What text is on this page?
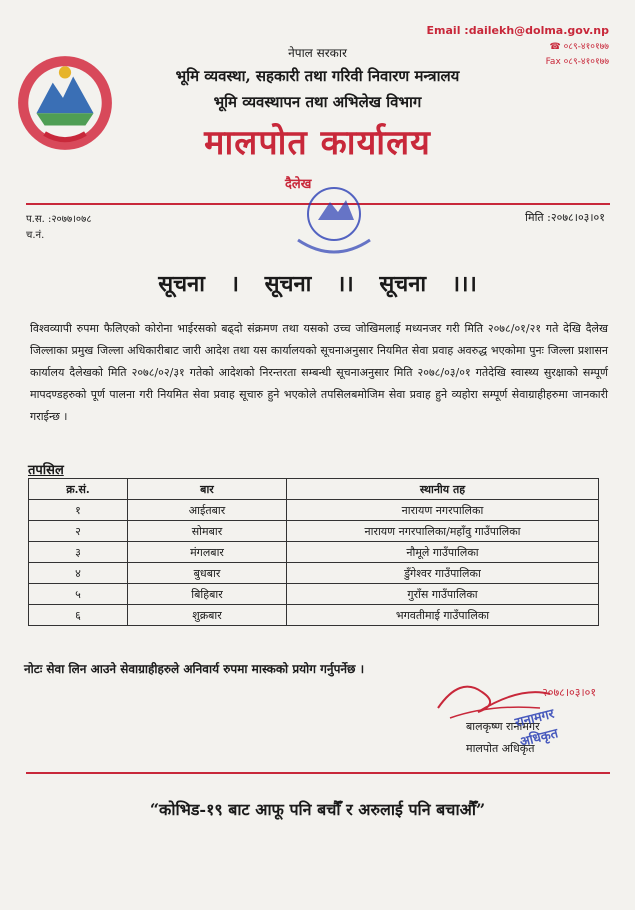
Email :dailekh@dolma.gov.np
☎ ०८९-४१०१७७
Fax ०८९-४१०१७७
नेपाल सरकार
भूमि व्यवस्था, सहकारी तथा गरिवी निवारण मन्त्रालय
भूमि व्यवस्थापन तथा अभिलेख विभाग
मालपोत कार्यालय
दैलेख
प.स. :२०७७।०७८
च.नं.
मिति :२०७८।०३।०१
सूचना । सूचना ।। सूचना ।।।
विश्वव्यापी रुपमा फैलिएको कोरोना भाईरसको बढ्दो संक्रमण तथा यसको उच्च जोखिमलाई मध्यनजर गरी मिति २०७८/०१/२१ गते देखि दैलेख जिल्लाका प्रमुख जिल्ला अधिकारीबाट जारी आदेश तथा यस कार्यालयको सूचनाअनुसार नियमित सेवा प्रवाह अवरुद्ध भएकोमा पुनः जिल्ला प्रशासन कार्यालय दैलेखको मिति २०७८/०२/३१ गतेको आदेशको निरन्तरता सम्बन्धी सूचनाअनुसार मिति २०७८/०३/०१ गतेदेखि स्वास्थ्य सुरक्षाको सम्पूर्ण मापदण्डहरुको पूर्ण पालना गरी नियमित सेवा प्रवाह सूचारु हुने भएकोले तपसिलबमोजिम सेवा प्रवाह हुने व्यहोरा सम्पूर्ण सेवाग्राहीहरुमा जानकारी गराईन्छ ।
तपसिल
क्र.सं.	बार	स्थानीय तह
१	आईतबार	नारायण नगरपालिका
२	सोमबार	नारायण नगरपालिका/महाँवु गाउँपालिका
३	मंगलबार	नौमूले गाउँपालिका
४	बुधबार	डुँगेश्वर गाउँपालिका
५	बिहिबार	गुराँस गाउँपालिका
६	शुक्रबार	भगवतीमाई गाउँपालिका
नोटः सेवा लिन आउने सेवाग्राहीहरुले अनिवार्य रुपमा मास्कको प्रयोग गर्नुपर्नेछ ।
२०७८।०३।०१
बालकृष्ण रानामगर
मालपोत अधिकृत
रानामगर
अधिकृत
“कोभिड-१९ बाट आफू पनि बचौँ र अरुलाई पनि बचाऔँ”
